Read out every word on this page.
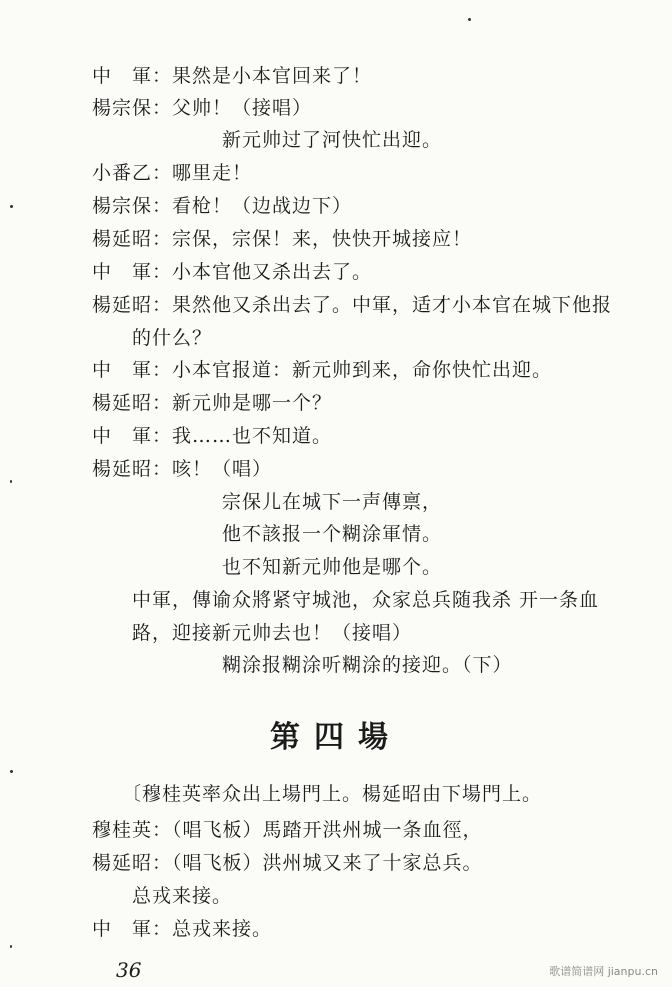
中　軍：果然是小本官回来了！
楊宗保：父帅！（接唱）
新元帅过了河快忙出迎。
小番乙：哪里走！
楊宗保：看枪！（边战边下）
楊延昭：宗保，宗保！来，快快开城接应！
中　軍：小本官他又杀出去了。
楊延昭：果然他又杀出去了。中軍，适才小本官在城下他报
的什么？
中　軍：小本官报道：新元帅到来，命你快忙出迎。
楊延昭：新元帅是哪一个？
中　軍：我……也不知道。
楊延昭：咳！（唱）
宗保儿在城下一声傳禀，
他不該报一个糊涂軍情。
也不知新元帅他是哪个。
中軍，傳谕众將紧守城池，众家总兵随我杀 开一条血
路，迎接新元帅去也！（接唱）
糊涂报糊涂听糊涂的接迎。（下）
第四場
〔穆桂英率众出上場門上。楊延昭由下場門上。
穆桂英：（唱飞板）馬踏开洪州城一条血徑，
楊延昭：（唱飞板）洪州城又来了十家总兵。
总戎来接。
中　軍：总戎来接。
36	歌谱简谱网 jianpu.cn
